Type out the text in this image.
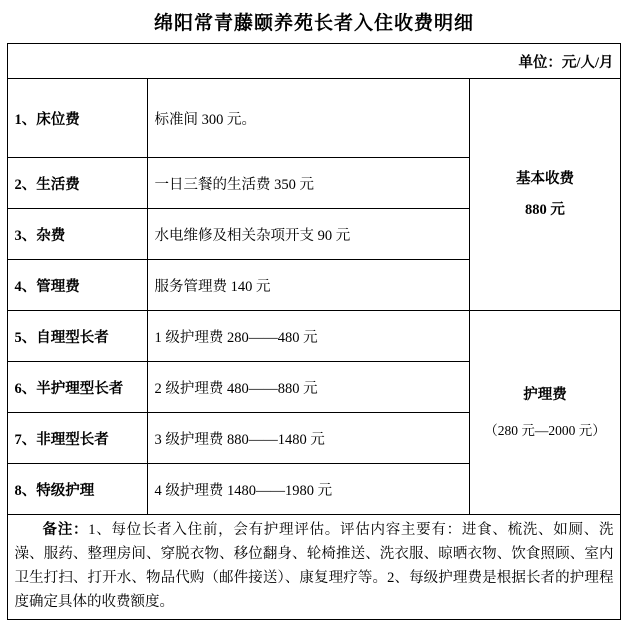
绵阳常青藤颐养苑长者入住收费明细
单位：元/人/月		
1、床位费	标准间 300 元。	基本收费
880 元

2、生活费	一日三餐的生活费 350 元	
3、杂费	水电维修及相关杂项开支 90 元	
4、管理费	服务管理费 140 元	
5、自理型长者	1 级护理费 280——480 元	护理费
（280 元—2000 元）

6、半护理型长者	2 级护理费 480——880 元	
7、非理型长者	3 级护理费 880——1480 元	
8、特级护理	4 级护理费 1480——1980 元	
备注：1、每位长者入住前，会有护理评估。评估内容主要有：进食、梳洗、如厕、洗澡、服药、整理房间、穿脱衣物、移位翻身、轮椅推送、洗衣服、晾晒衣物、饮食照顾、室内卫生打扫、打开水、物品代购（邮件接送）、康复理疗等。2、每级护理费是根据长者的护理程度确定具体的收费额度。		
